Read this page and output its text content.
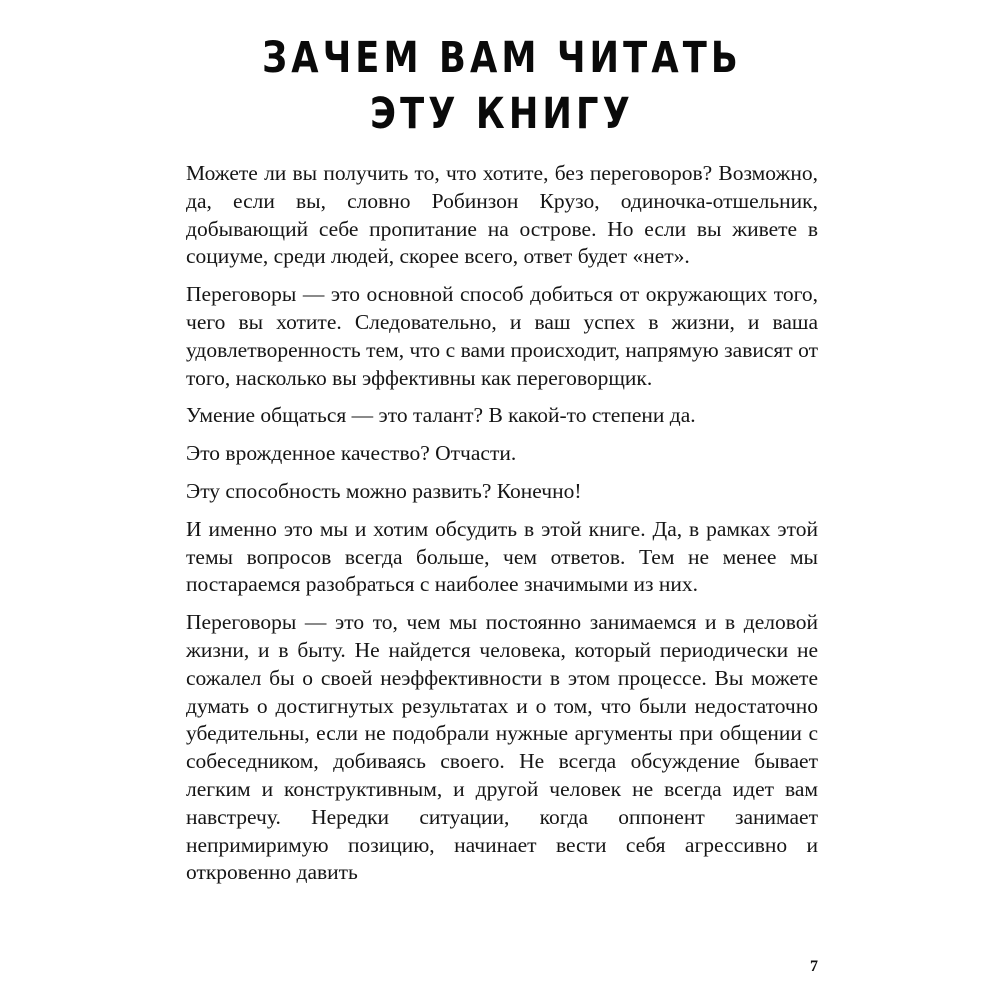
ЗАЧЕМ ВАМ ЧИТАТЬ
ЭТУ КНИГУ

Можете ли вы получить то, что хотите, без переговоров? Возможно, да, если вы, словно Робинзон Крузо, одиночка-отшельник, добывающий себе пропитание на острове. Но если вы живете в социуме, среди людей, скорее всего, ответ будет «нет».

Переговоры — это основной способ добиться от окружающих того, чего вы хотите. Следовательно, и ваш успех в жизни, и ваша удовлетворенность тем, что с вами происходит, напрямую зависят от того, насколько вы эффективны как переговорщик.

Умение общаться — это талант? В какой-то степени да.

Это врожденное качество? Отчасти.

Эту способность можно развить? Конечно!

И именно это мы и хотим обсудить в этой книге. Да, в рамках этой темы вопросов всегда больше, чем ответов. Тем не менее мы постараемся разобраться с наиболее значимыми из них.

Переговоры — это то, чем мы постоянно занимаемся и в деловой жизни, и в быту. Не найдется человека, который периодически не сожалел бы о своей неэффективности в этом процессе. Вы можете думать о достигнутых результатах и о том, что были недостаточно убедительны, если не подобрали нужные аргументы при общении с собеседником, добиваясь своего. Не всегда обсуждение бывает легким и конструктивным, и другой человек не всегда идет вам навстречу. Нередки ситуации, когда оппонент занимает непримиримую позицию, начинает вести себя агрессивно и откровенно давить

7
